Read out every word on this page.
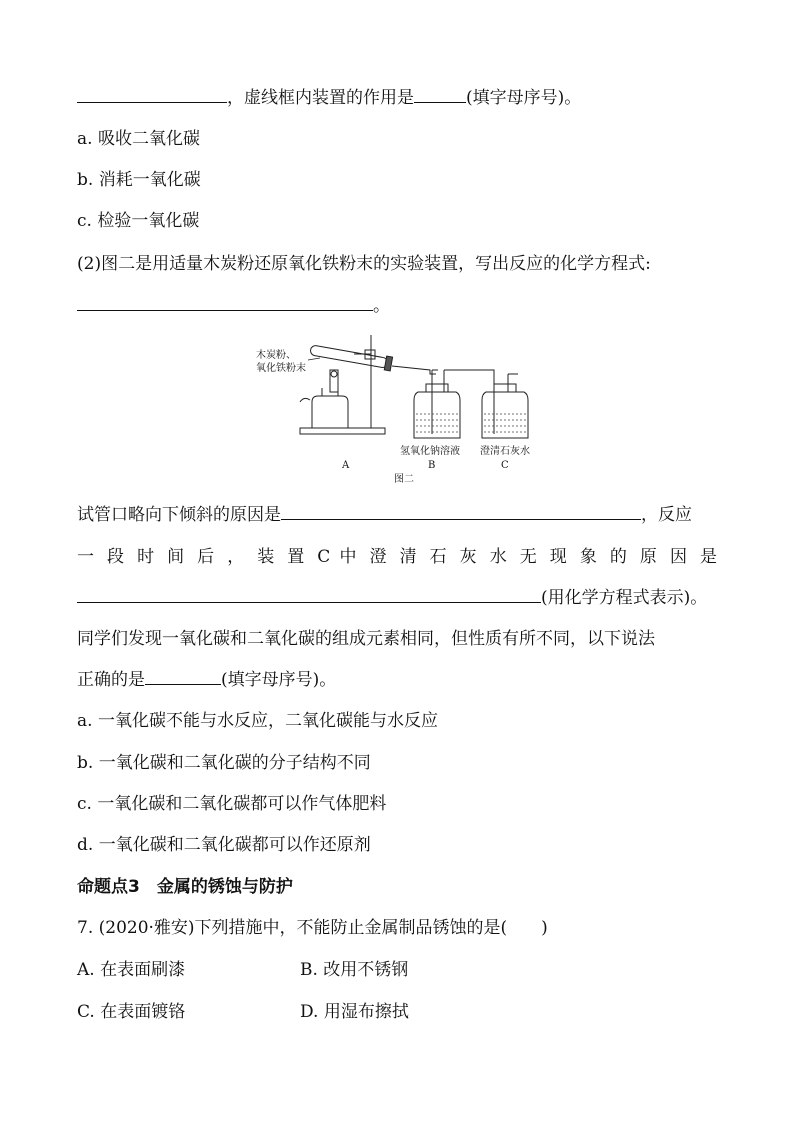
，虚线框内装置的作用是	(填字母序号)。
a. 吸收二氧化碳
b. 消耗一氧化碳
c. 检验一氧化碳
(2)图二是用适量木炭粉还原氧化铁粉末的实验装置，写出反应的化学方程式:
。
木炭粉、
氧化铁粉末
氢氧化钠溶液 澄清石灰水
A	B	C
图二
试管口略向下倾斜的原因是	，反应
一 段 时 间 后 ， 装 置 C 中 澄 清 石 灰 水 无 现 象 的 原 因 是
(用化学方程式表示)。
同学们发现一氧化碳和二氧化碳的组成元素相同，但性质有所不同，以下说法
正确的是	(填字母序号)。
a. 一氧化碳不能与水反应，二氧化碳能与水反应
b. 一氧化碳和二氧化碳的分子结构不同
c. 一氧化碳和二氧化碳都可以作气体肥料
d. 一氧化碳和二氧化碳都可以作还原剂
命题点3　金属的锈蚀与防护
7. (2020·雅安)下列措施中，不能防止金属制品锈蚀的是(　　)
A. 在表面刷漆	B. 改用不锈钢
C. 在表面镀铬	D. 用湿布擦拭
